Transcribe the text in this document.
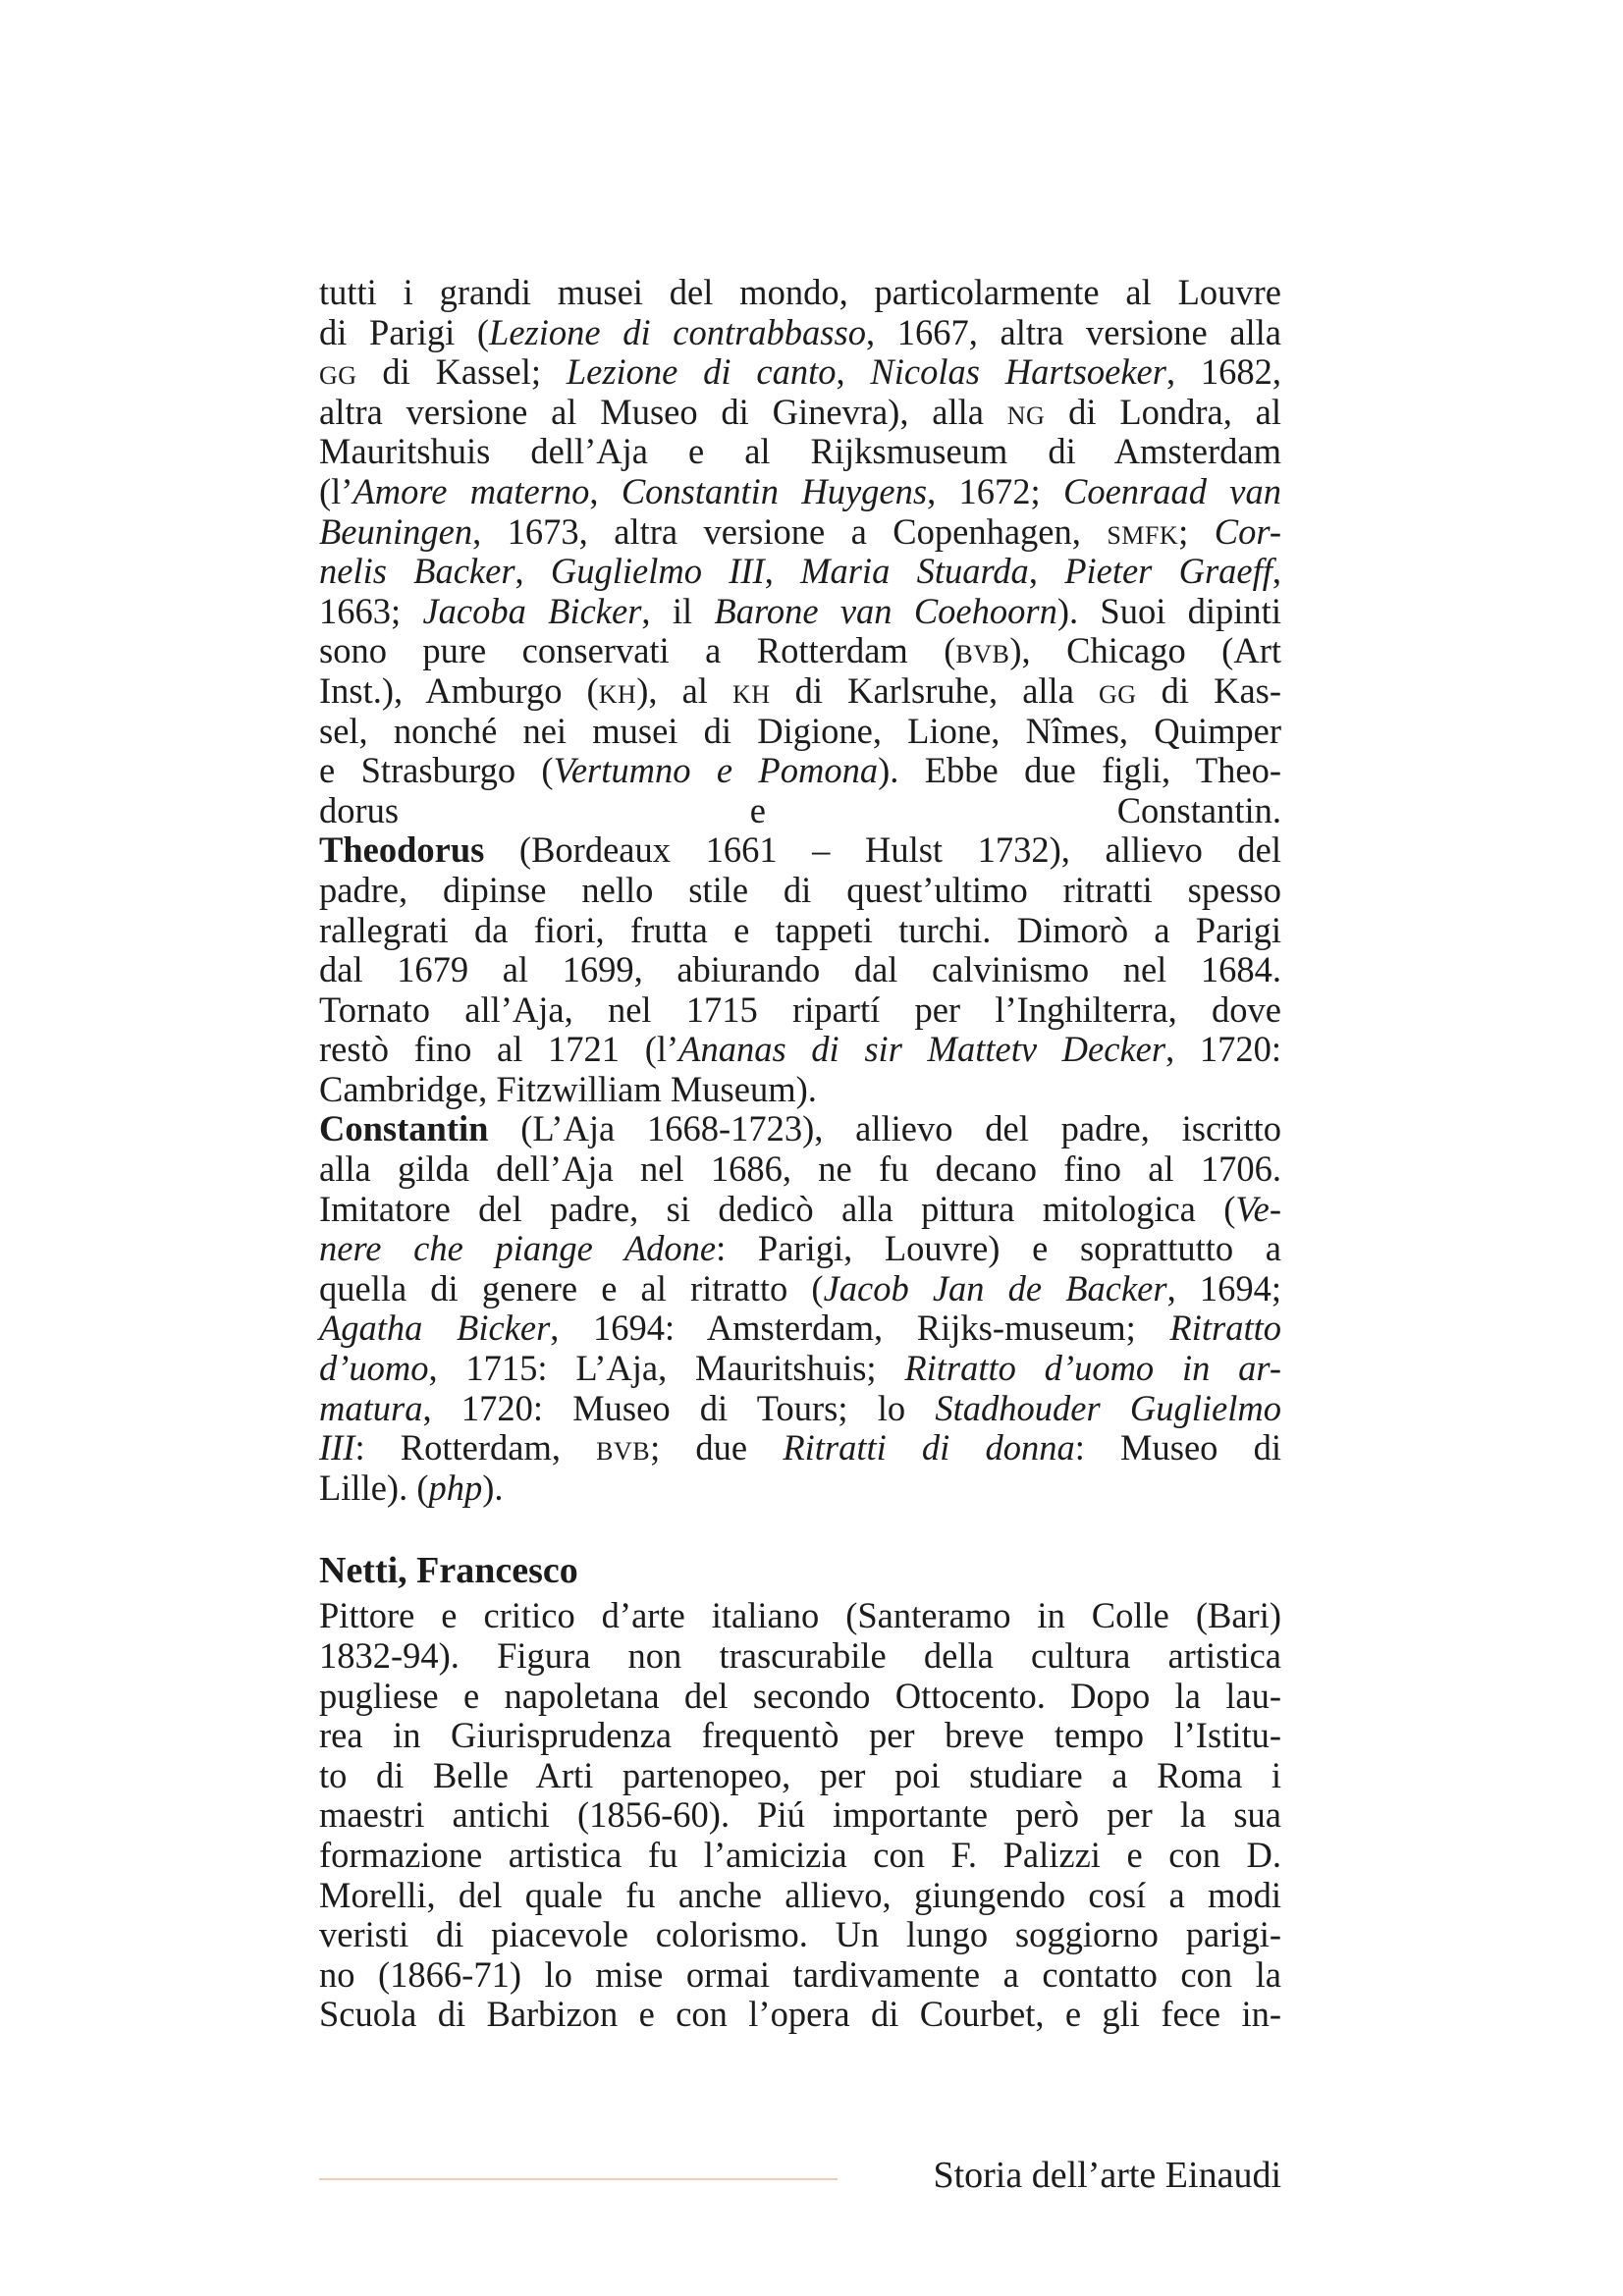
tutti i grandi musei del mondo, particolarmente al Louvre
di Parigi (Lezione di contrabbasso, 1667, altra versione alla
gg di Kassel; Lezione di canto, Nicolas Hartsoeker, 1682,
altra versione al Museo di Ginevra), alla ng di Londra, al
Mauritshuis dell’Aja e al Rijksmuseum di Amsterdam
(l’Amore materno, Constantin Huygens, 1672; Coenraad van
Beuningen, 1673, altra versione a Copenhagen, smfk; Cor-
nelis Backer, Guglielmo III, Maria Stuarda, Pieter Graeff,
1663; Jacoba Bicker, il Barone van Coehoorn). Suoi dipinti
sono pure conservati a Rotterdam (bvb), Chicago (Art
Inst.), Amburgo (kh), al kh di Karlsruhe, alla gg di Kas-
sel, nonché nei musei di Digione, Lione, Nîmes, Quimper
e Strasburgo (Vertumno e Pomona). Ebbe due figli, Theo-
dorus e Constantin.
Theodorus (Bordeaux 1661 – Hulst 1732), allievo del
padre, dipinse nello stile di quest’ultimo ritratti spesso
rallegrati da fiori, frutta e tappeti turchi. Dimorò a Parigi
dal 1679 al 1699, abiurando dal calvinismo nel 1684.
Tornato all’Aja, nel 1715 ripartí per l’Inghilterra, dove
restò fino al 1721 (l’Ananas di sir Mattetv Decker, 1720:
Cambridge, Fitzwilliam Museum).
Constantin (L’Aja 1668-1723), allievo del padre, iscritto
alla gilda dell’Aja nel 1686, ne fu decano fino al 1706.
Imitatore del padre, si dedicò alla pittura mitologica (Ve-
nere che piange Adone: Parigi, Louvre) e soprattutto a
quella di genere e al ritratto (Jacob Jan de Backer, 1694;
Agatha Bicker, 1694: Amsterdam, Rijks-museum; Ritratto
d’uomo, 1715: L’Aja, Mauritshuis; Ritratto d’uomo in ar-
matura, 1720: Museo di Tours; lo Stadhouder Guglielmo
III: Rotterdam, bvb; due Ritratti di donna: Museo di
Lille). (php).
Netti, Francesco
Pittore e critico d’arte italiano (Santeramo in Colle (Bari)
1832-94). Figura non trascurabile della cultura artistica
pugliese e napoletana del secondo Ottocento. Dopo la lau-
rea in Giurisprudenza frequentò per breve tempo l’Istitu-
to di Belle Arti partenopeo, per poi studiare a Roma i
maestri antichi (1856-60). Piú importante però per la sua
formazione artistica fu l’amicizia con F. Palizzi e con D.
Morelli, del quale fu anche allievo, giungendo cosí a modi
veristi di piacevole colorismo. Un lungo soggiorno parigi-
no (1866-71) lo mise ormai tardivamente a contatto con la
Scuola di Barbizon e con l’opera di Courbet, e gli fece in-
Storia dell’arte Einaudi
